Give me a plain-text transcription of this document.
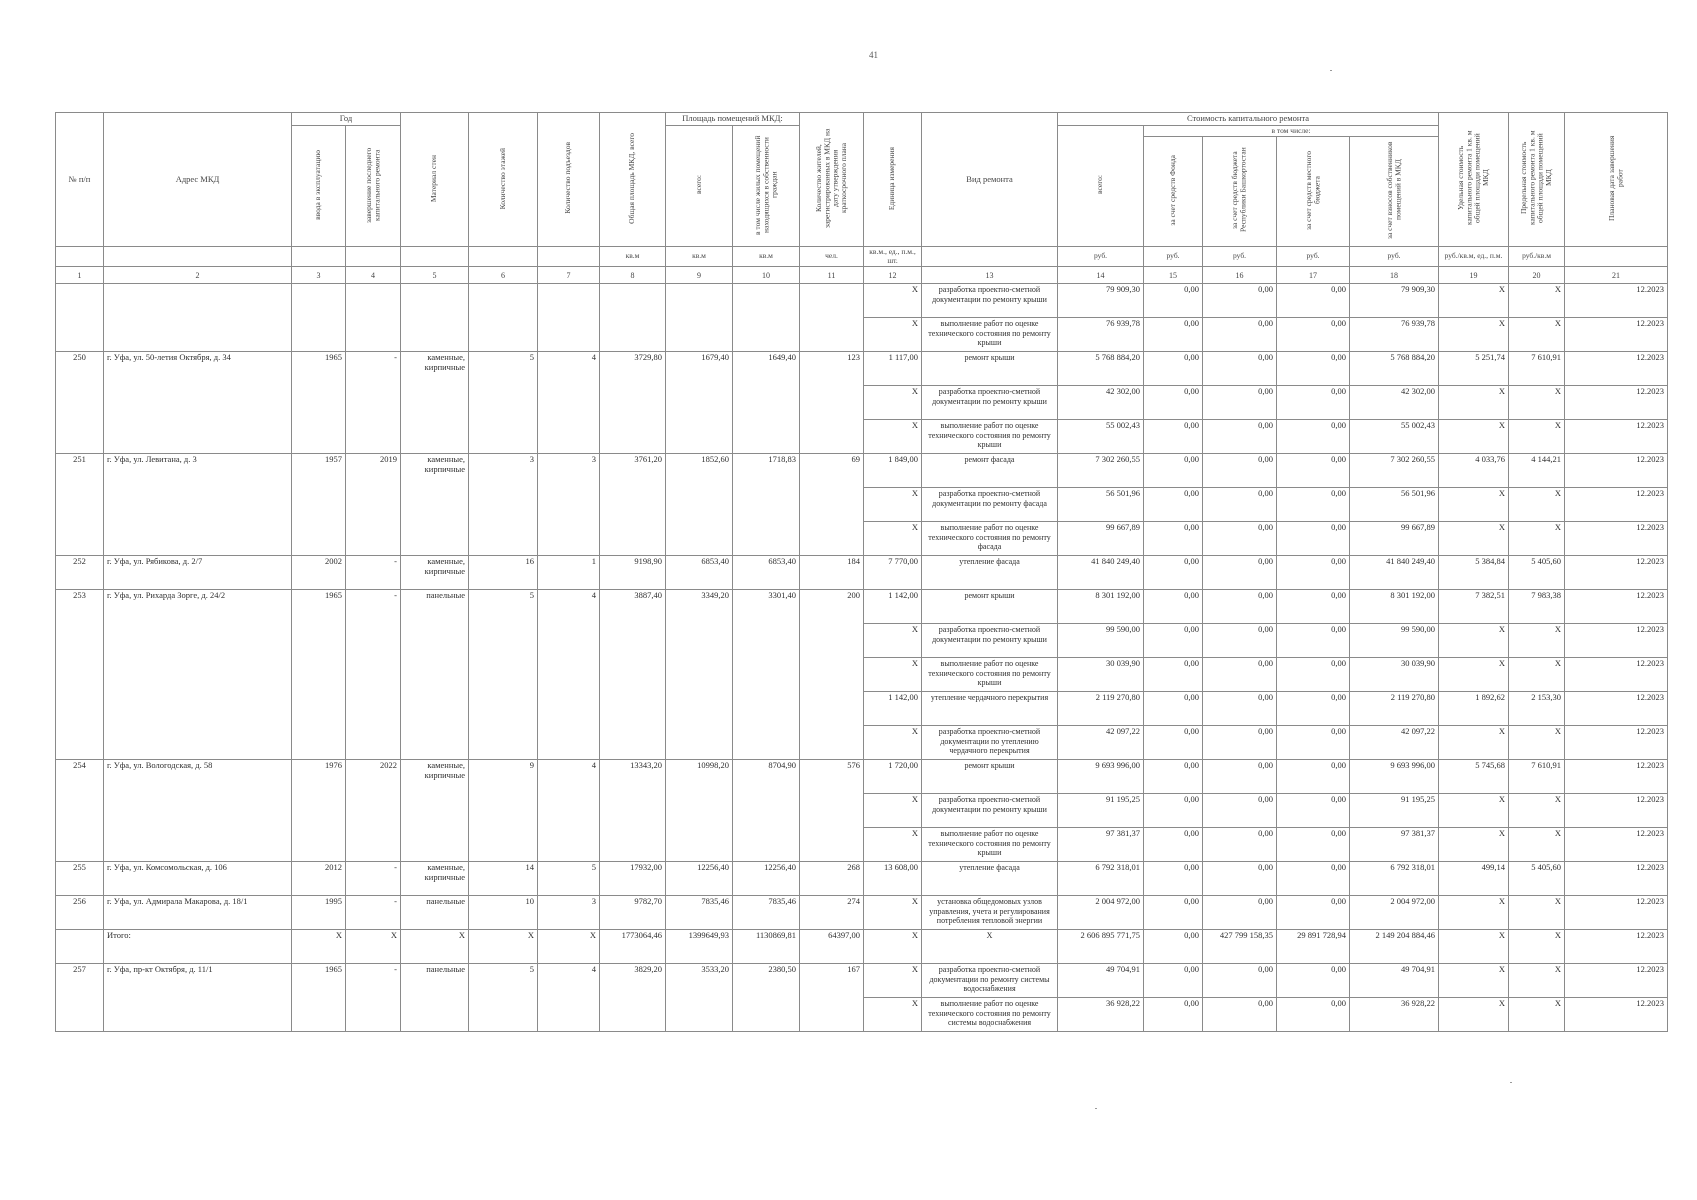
41
№ п/п	Адрес МКД	Год		Материал стен	Количество этажей	Количество подъездов	Общая площадь МКД, всего	Площадь помещений МКД:		Количество жителей, зарегистрированных в МКД на дату утверждения краткосрочного плана	Единица измерения	Вид ремонта	Стоимость капитального ремонта					Удельная стоимость капитального ремонта 1 кв. м общей площади помещений МКД	Предельная стоимость капитального ремонта 1 кв. м общей площади помещений МКД	Плановая дата завершения работ
		ввода в эксплуатацию	завершение последнего капитального ремонта					всего:	в том числе жилых помещений находящихся в собственности граждан				всего:	в том числе:						
														за счет средств Фонда	за счет средств бюджета Республики Башкортостан	за счет средств местного бюджета	за счет взносов собственников помещений в МКД			
							кв.м	кв.м	кв.м	чел.	кв.м., ед., п.м., шт.		руб.	руб.	руб.	руб.	руб.	руб./кв.м, ед., п.м.	руб./кв.м	
1	2	3	4	5	6	7	8	9	10	11	12	13	14	15	16	17	18	19	20	21
											X	разработка проектно-сметной документации по ремонту крыши	79 909,30	0,00	0,00	0,00	79 909,30	X	X	12.2023
											X	выполнение работ по оценке технического состояния по ремонту крыши	76 939,78	0,00	0,00	0,00	76 939,78	X	X	12.2023
250	г. Уфа, ул. 50-летия Октября, д. 34	1965	-	каменные, кирпичные	5	4	3729,80	1679,40	1649,40	123	1 117,00	ремонт крыши	5 768 884,20	0,00	0,00	0,00	5 768 884,20	5 251,74	7 610,91	12.2023
											X	разработка проектно-сметной документации по ремонту крыши	42 302,00	0,00	0,00	0,00	42 302,00	X	X	12.2023
											X	выполнение работ по оценке технического состояния по ремонту крыши	55 002,43	0,00	0,00	0,00	55 002,43	X	X	12.2023
251	г. Уфа, ул. Левитана, д. 3	1957	2019	каменные, кирпичные	3	3	3761,20	1852,60	1718,83	69	1 849,00	ремонт фасада	7 302 260,55	0,00	0,00	0,00	7 302 260,55	4 033,76	4 144,21	12.2023
											X	разработка проектно-сметной документации по ремонту фасада	56 501,96	0,00	0,00	0,00	56 501,96	X	X	12.2023
											X	выполнение работ по оценке технического состояния по ремонту фасада	99 667,89	0,00	0,00	0,00	99 667,89	X	X	12.2023
252	г. Уфа, ул. Рябикова, д. 2/7	2002	-	каменные, кирпичные	16	1	9198,90	6853,40	6853,40	184	7 770,00	утепление фасада	41 840 249,40	0,00	0,00	0,00	41 840 249,40	5 384,84	5 405,60	12.2023
253	г. Уфа, ул. Рихарда Зорге, д. 24/2	1965	-	панельные	5	4	3887,40	3349,20	3301,40	200	1 142,00	ремонт крыши	8 301 192,00	0,00	0,00	0,00	8 301 192,00	7 382,51	7 983,38	12.2023
											X	разработка проектно-сметной документации по ремонту крыши	99 590,00	0,00	0,00	0,00	99 590,00	X	X	12.2023
											X	выполнение работ по оценке технического состояния по ремонту крыши	30 039,90	0,00	0,00	0,00	30 039,90	X	X	12.2023
											1 142,00	утепление чердачного перекрытия	2 119 270,80	0,00	0,00	0,00	2 119 270,80	1 892,62	2 153,30	12.2023
											X	разработка проектно-сметной документации по утеплению чердачного перекрытия	42 097,22	0,00	0,00	0,00	42 097,22	X	X	12.2023
254	г. Уфа, ул. Вологодская, д. 58	1976	2022	каменные, кирпичные	9	4	13343,20	10998,20	8704,90	576	1 720,00	ремонт крыши	9 693 996,00	0,00	0,00	0,00	9 693 996,00	5 745,68	7 610,91	12.2023
											X	разработка проектно-сметной документации по ремонту крыши	91 195,25	0,00	0,00	0,00	91 195,25	X	X	12.2023
											X	выполнение работ по оценке технического состояния по ремонту крыши	97 381,37	0,00	0,00	0,00	97 381,37	X	X	12.2023
255	г. Уфа, ул. Комсомольская, д. 106	2012	-	каменные, кирпичные	14	5	17932,00	12256,40	12256,40	268	13 608,00	утепление фасада	6 792 318,01	0,00	0,00	0,00	6 792 318,01	499,14	5 405,60	12.2023
256	г. Уфа, ул. Адмирала Макарова, д. 18/1	1995	-	панельные	10	3	9782,70	7835,46	7835,46	274	X	установка общедомовых узлов управления, учета и регулирования потребления тепловой энергии	2 004 972,00	0,00	0,00	0,00	2 004 972,00	X	X	12.2023
	Итого:	X	X	X	X	X	1773064,46	1399649,93	1130869,81	64397,00	X	X	2 606 895 771,75	0,00	427 799 158,35	29 891 728,94	2 149 204 884,46	X	X	12.2023
257	г. Уфа, пр-кт Октября, д. 11/1	1965	-	панельные	5	4	3829,20	3533,20	2380,50	167	X	разработка проектно-сметной документации по ремонту системы водоснабжения	49 704,91	0,00	0,00	0,00	49 704,91	X	X	12.2023
											X	выполнение работ по оценке технического состояния по ремонту системы водоснабжения	36 928,22	0,00	0,00	0,00	36 928,22	X	X	12.2023
